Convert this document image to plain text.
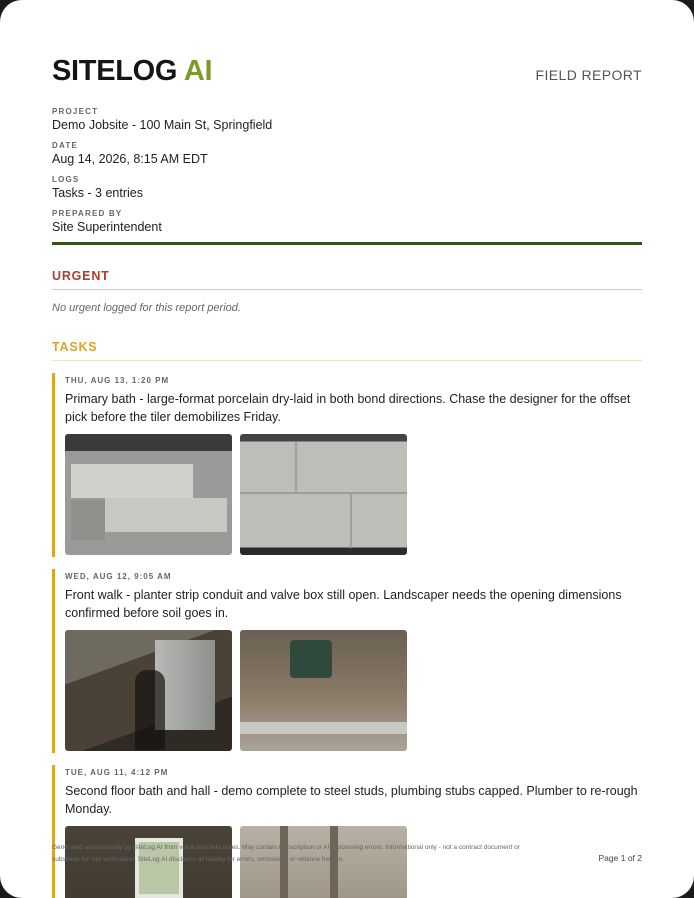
SITELOG AI	FIELD REPORT
PROJECT
Demo Jobsite - 100 Main St, Springfield
DATE
Aug 14, 2026, 8:15 AM EDT
LOGS
Tasks - 3 entries
PREPARED BY
Site Superintendent
URGENT
No urgent logged for this report period.
TASKS
THU, AUG 13, 1:20 PM
Primary bath - large-format porcelain dry-laid in both bond directions. Chase the designer for the offset pick before the tiler demobilizes Friday.
WED, AUG 12, 9:05 AM
Front walk - planter strip conduit and valve box still open. Landscaper needs the opening dimensions confirmed before soil goes in.
TUE, AUG 11, 4:12 PM
Second floor bath and hall - demo complete to steel studs, plumbing stubs capped. Plumber to re-rough Monday.
Generated automatically by SiteLog AI from voice and field notes. May contain transcription or AI-processing errors. Informational only - not a contract document or substitute for site verification. SiteLog AI disclaims all liability for errors, omissions, or reliance hereon.	Page 1 of 2
